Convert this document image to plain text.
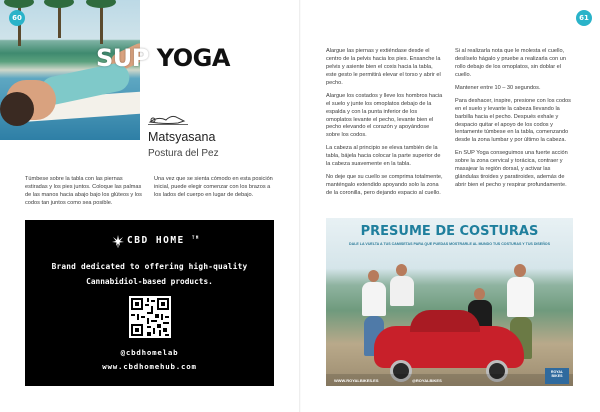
60
SUP YOGA
Matsyasana
Postura del Pez

Túmbese sobre la tabla con las piernas estiradas y los pies juntos. Coloque las palmas de las manos hacia abajo bajo los glúteos y los codos tan juntos como sea posible.

Una vez que se sienta cómodo en esta posición inicial, puede elegir comenzar con los brazos a los lados del cuerpo en lugar de debajo.

CBD HOME ™
Brand dedicated to offering high-quality
Cannabidiol-based products.
@cbdhomelab
www.cbdhomehub.com
61

Alargue las piernas y extiéndase desde el centro de la pelvis hacia los pies. Ensanche la pelvis y asiente bien el coxis hacia la tabla, este gesto le permitirá elevar el torso y abrir el pecho.

Alargue los costados y lleve los hombros hacia el suelo y junte los omoplatos debajo de la espalda y con la punta inferior de los omoplatos levante el pecho, levante bien el pecho elevando el corazón y apoyándose sobre los codos.

La cabeza al principio se eleva también de la tabla, bájela hacia colocar la parte superior de la cabeza suavemente en la tabla.

No deje que su cuello se comprima totalmente, manténgalo extendido apoyando solo la zona de la coronilla, pero dejando espacio al cuello.

Si al realizarla nota que le molesta el cuello, deslíselo hágalo y pruebe a realizarla con un rollo debajo de los omoplatos, sin doblar el cuello.

Mantener entre 10 – 30 segundos.

Para deshacer, inspire, presione con los codos en el suelo y levante la cabeza llevando la barbilla hacia el pecho. Después exhale y despacio quitar el apoyo de los codos y lentamente túmbese en la tabla, comenzando desde la zona lumbar y por último la cabeza.

En SUP Yoga conseguimos una fuerte acción sobre la zona cervical y torácica, contraer y masajear la región dorsal, y activar las glándulas tiroides y paratiroides, además de abrir bien el pecho y respirar profundamente.

PRESUME DE COSTURAS
DALE LA VUELTA A TUS CAMISETAS PARA QUE PUEDAS MOSTRARLE AL MUNDO TUS COSTURAS Y TUS DISEÑOS
WWW.ROYALBIKES.ES	@ROYALBIKES
ROYAL BIKES
